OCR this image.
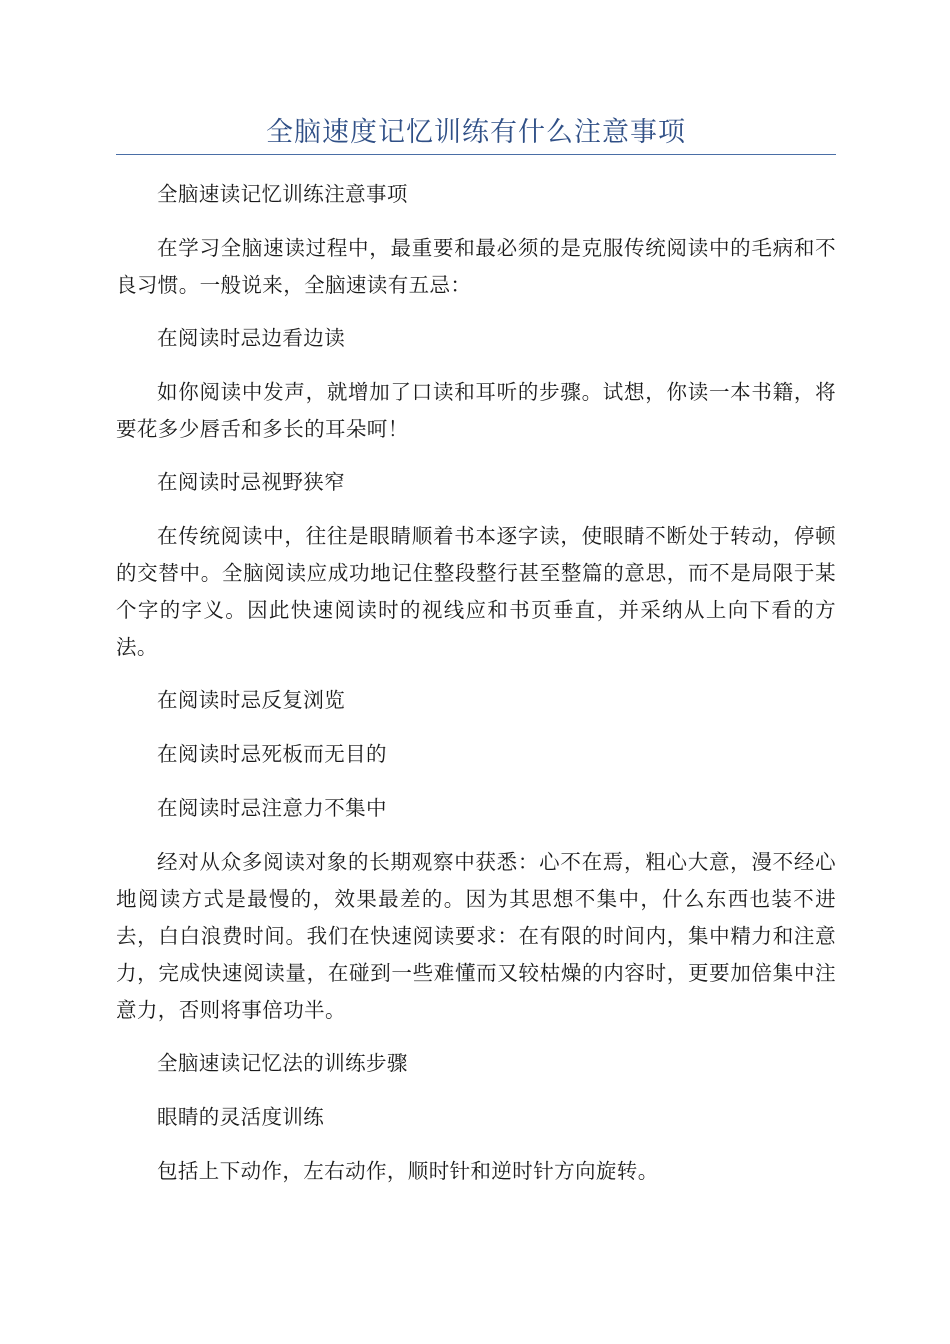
全脑速度记忆训练有什么注意事项

全脑速读记忆训练注意事项

在学习全脑速读过程中，最重要和最必须的是克服传统阅读中的毛病和不良习惯。一般说来，全脑速读有五忌：

在阅读时忌边看边读

如你阅读中发声，就增加了口读和耳听的步骤。试想，你读一本书籍，将要花多少唇舌和多长的耳朵呵！

在阅读时忌视野狭窄

在传统阅读中，往往是眼睛顺着书本逐字读，使眼睛不断处于转动，停顿的交替中。全脑阅读应成功地记住整段整行甚至整篇的意思，而不是局限于某个字的字义。因此快速阅读时的视线应和书页垂直，并采纳从上向下看的方法。

在阅读时忌反复浏览

在阅读时忌死板而无目的

在阅读时忌注意力不集中

经对从众多阅读对象的长期观察中获悉：心不在焉，粗心大意，漫不经心地阅读方式是最慢的，效果最差的。因为其思想不集中，什么东西也装不进去，白白浪费时间。我们在快速阅读要求：在有限的时间内，集中精力和注意力，完成快速阅读量，在碰到一些难懂而又较枯燥的内容时，更要加倍集中注意力，否则将事倍功半。

全脑速读记忆法的训练步骤

眼睛的灵活度训练

包括上下动作，左右动作，顺时针和逆时针方向旋转。
